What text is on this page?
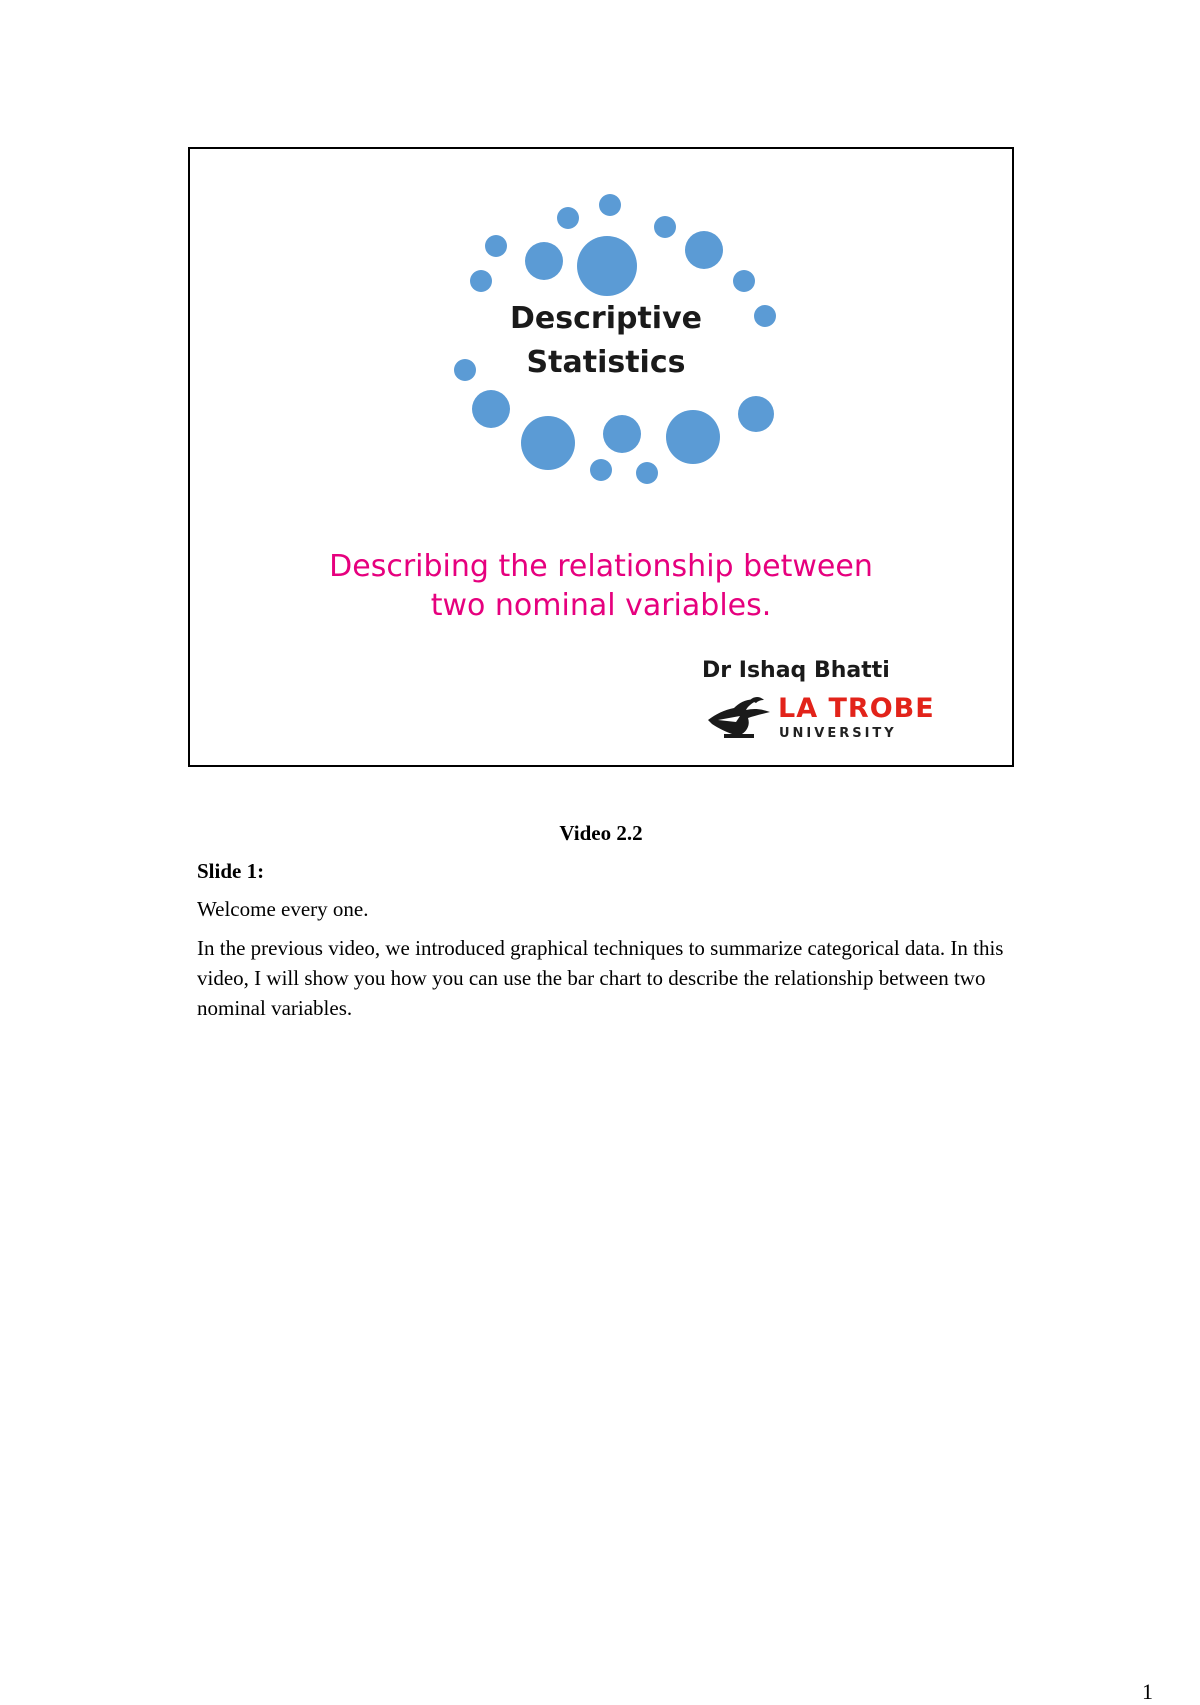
Descriptive
Statistics
Describing the relationship between
two nominal variables.
Dr Ishaq Bhatti
LA TROBE
UNIVERSITY
Video 2.2
Slide 1:

Welcome every one.

In the previous video, we introduced graphical techniques to summarize categorical data. In this video, I will show you how you can use the bar chart to describe the relationship between two nominal variables.

1
